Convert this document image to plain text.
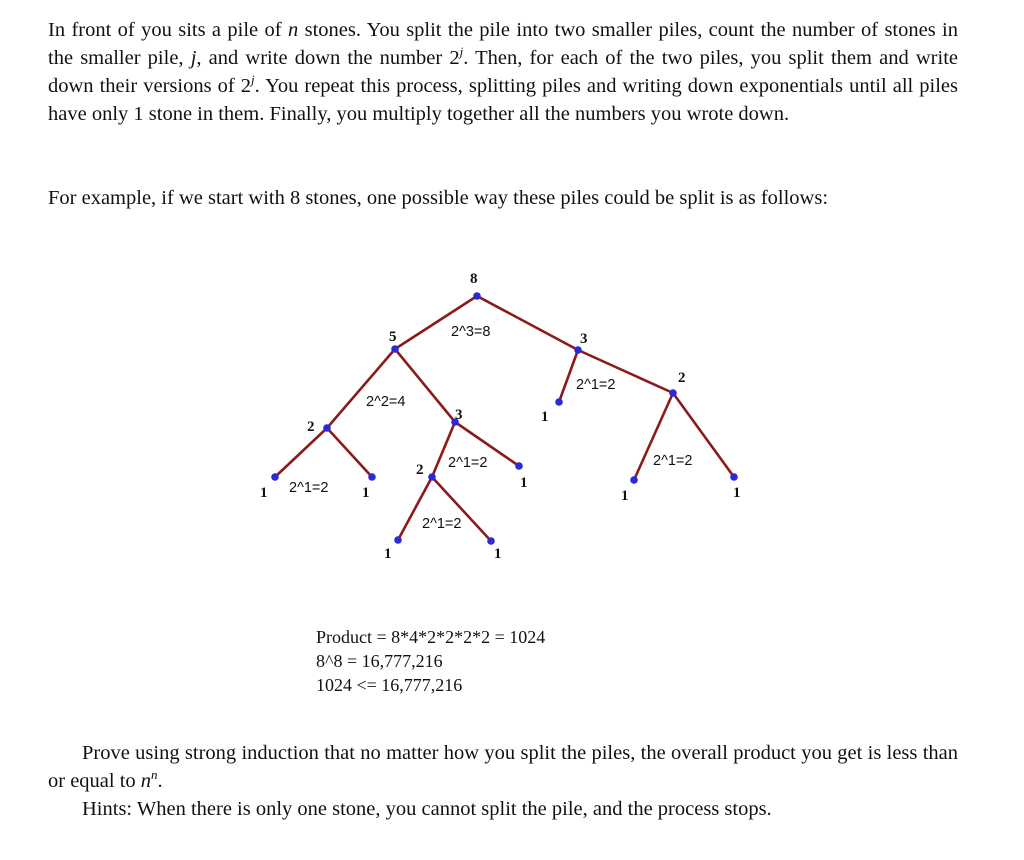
In front of you sits a pile of n stones. You split the pile into two smaller piles, count the number of stones in the smaller pile, j, and write down the number 2$^j$. Then, for each of the two piles, you split them and write down their versions of 2$^j$. You repeat this process, splitting piles and writing down exponentials until all piles have only 1 stone in them. Finally, you multiply together all the numbers you wrote down.

For example, if we start with 8 stones, one possible way these piles could be split is as follows:

8
5	3
2
3	1
2
1	1
2
1
1	1
1	1
2^3=8
2^2=4
2^1=2
2^1=2
2^1=2	2^1=2
2^1=2

Product = 8*4*2*2*2*2 = 1024

8^8 = 16,777,216

1024 <= 16,777,216

Prove using strong induction that no matter how you split the piles, the overall product you get is less than or equal to $n^n$.

Hints: When there is only one stone, you cannot split the pile, and the process stops.
